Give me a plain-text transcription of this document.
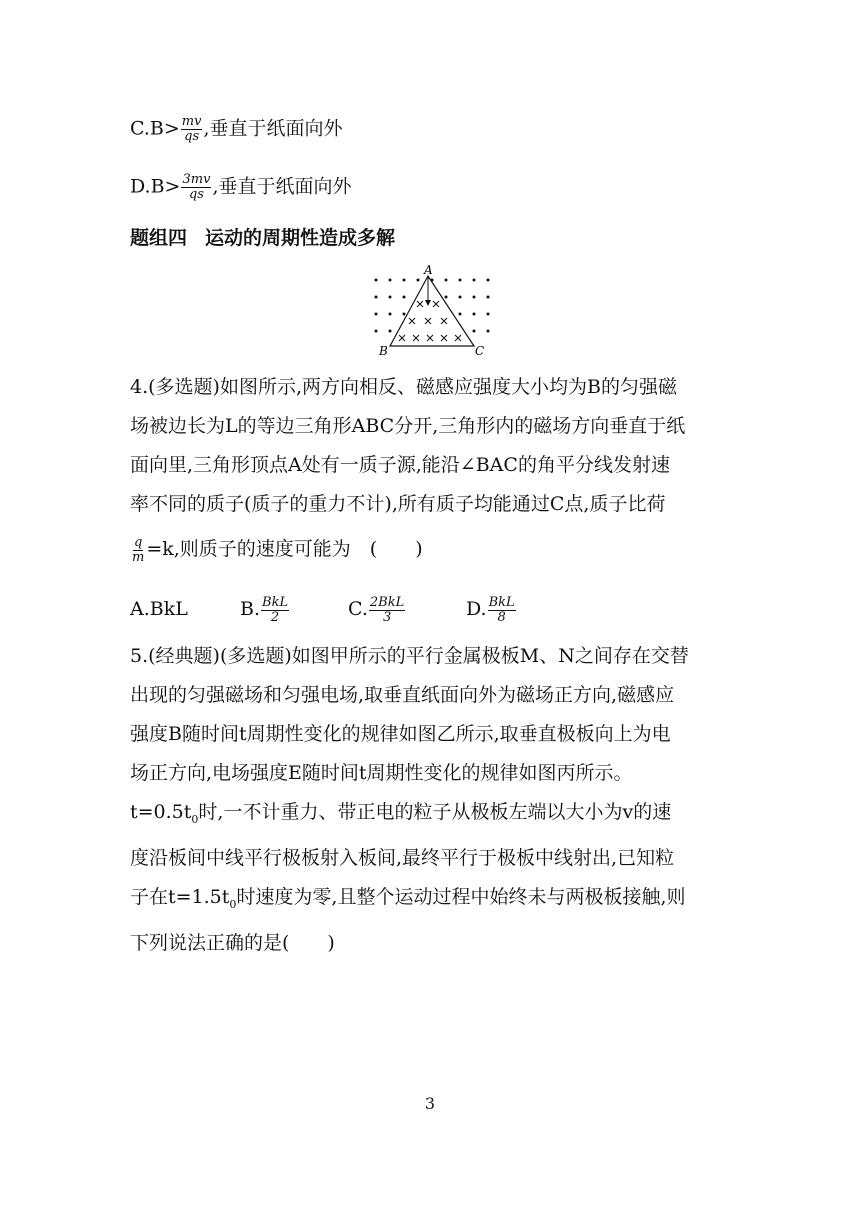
$C.B> \frac{mv}{qs}$ ,垂直于纸面向外
$D.B> \frac{3mv}{qs}$ ,垂直于纸面向外
题组四 运动的周期性造成多解
A
B	C
4.(多选题)如图所示,两方向相反、磁感应强度大小均为B的匀强磁
场被边长为L的等边三角形ABC分开,三角形内的磁场方向垂直于纸
面向里,三角形顶点A处有一质子源,能沿∠BAC的角平分线发射速
率不同的质子(质子的重力不计),所有质子均能通过C点,质子比荷
$\frac{q}{m} =k$,则质子的速度可能为　(　　)
A.BkL	B. $\frac{\text{BkL}}{2}$	C. $\frac{\text{2BkL}}{3}$	D. $\frac{\text{BkL}}{8}$
5.(经典题)(多选题)如图甲所示的平行金属极板M、N之间存在交替
出现的匀强磁场和匀强电场,取垂直纸面向外为磁场正方向,磁感应
强度B随时间t周期性变化的规律如图乙所示,取垂直极板向上为电
场正方向,电场强度E随时间t周期性变化的规律如图丙所示。
$t=0.5t_0$时,一不计重力、带正电的粒子从极板左端以大小为v的速
度沿板间中线平行极板射入板间,最终平行于极板中线射出,已知粒
子在$t=1.5t_0$时速度为零,且整个运动过程中始终未与两极板接触,则
下列说法正确的是(　　)
3
